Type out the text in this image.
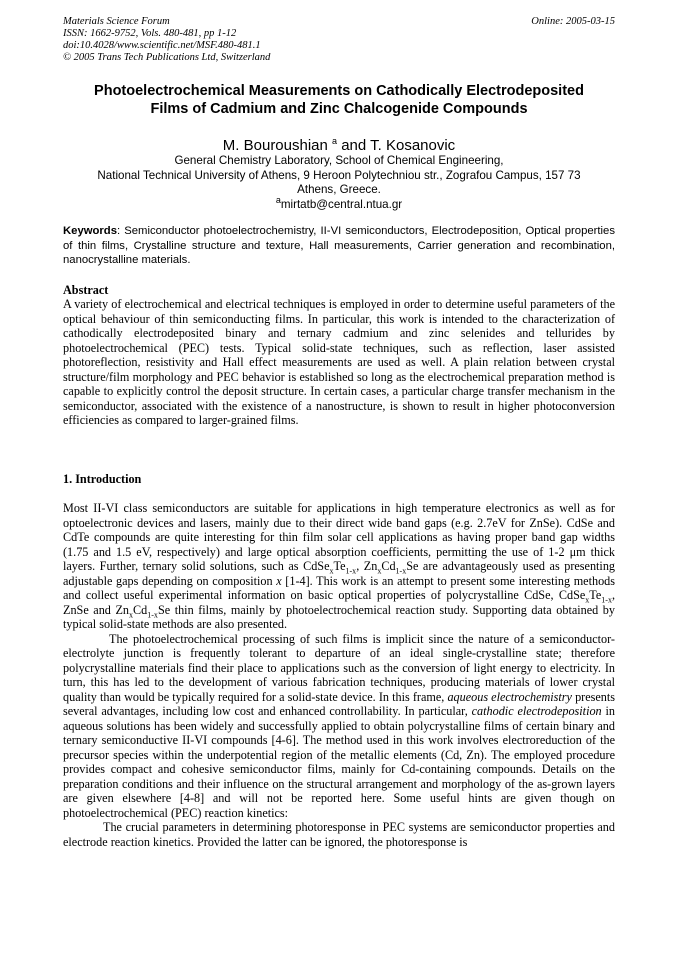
Materials Science Forum
ISSN: 1662-9752, Vols. 480-481, pp 1-12
doi:10.4028/www.scientific.net/MSF.480-481.1
© 2005 Trans Tech Publications Ltd, Switzerland
Online: 2005-03-15
Photoelectrochemical Measurements on Cathodically Electrodeposited
Films of Cadmium and Zinc Chalcogenide Compounds
M. Bouroushian $^a$ and T. Kosanovic
General Chemistry Laboratory, School of Chemical Engineering,
National Technical University of Athens, 9 Heroon Polytechniou str., Zografou Campus, 157 73
Athens, Greece.
$^a$mirtatb@central.ntua.gr
Keywords: Semiconductor photoelectrochemistry, II-VI semiconductors, Electrodeposition, Optical properties of thin films, Crystalline structure and texture, Hall measurements, Carrier generation and recombination, nanocrystalline materials.
Abstract

A variety of electrochemical and electrical techniques is employed in order to determine useful parameters of the optical behaviour of thin semiconducting films. In particular, this work is intended to the characterization of cathodically electrodeposited binary and ternary cadmium and zinc selenides and tellurides by photoelectrochemical (PEC) tests. Typical solid-state techniques, such as reflection, laser assisted photoreflection, resistivity and Hall effect measurements are used as well. A plain relation between crystal structure/film morphology and PEC behavior is established so long as the electrochemical preparation method is capable to explicitly control the deposit structure. In certain cases, a particular charge transfer mechanism in the semiconductor, associated with the existence of a nanostructure, is shown to result in higher photoconversion efficiencies as compared to larger-grained films.

1. Introduction

Most II-VI class semiconductors are suitable for applications in high temperature electronics as well as for optoelectronic devices and lasers, mainly due to their direct wide band gaps (e.g. 2.7eV for ZnSe). CdSe and CdTe compounds are quite interesting for thin film solar cell applications as having proper band gap widths (1.75 and 1.5 eV, respectively) and large optical absorption coefficients, permitting the use of 1-2 μm thick layers. Further, ternary solid solutions, such as $CdSe_xTe_{1-x}$, $Zn_xCd_{1-x}Se$ are advantageously used as presenting adjustable gaps depending on composition x [1-4]. This work is an attempt to present some interesting methods and collect useful experimental information on basic optical properties of polycrystalline CdSe, $CdSe_xTe_{1-x}$, ZnSe and $Zn_xCd_{1-x}Se$ thin films, mainly by photoelectrochemical reaction study. Supporting data obtained by typical solid-state methods are also presented.

The photoelectrochemical processing of such films is implicit since the nature of a semiconductor-electrolyte junction is frequently tolerant to departure of an ideal single-crystalline state; therefore polycrystalline materials find their place to applications such as the conversion of light energy to electricity. In turn, this has led to the development of various fabrication techniques, producing materials of lower crystal quality than would be typically required for a solid-state device. In this frame, aqueous electrochemistry presents several advantages, including low cost and enhanced controllability. In particular, cathodic electrodeposition in aqueous solutions has been widely and successfully applied to obtain polycrystalline films of certain binary and ternary semiconductive II-VI compounds [4-6]. The method used in this work involves electroreduction of the precursor species within the underpotential region of the metallic elements (Cd, Zn). The employed procedure provides compact and cohesive semiconductor films, mainly for Cd-containing compounds. Details on the preparation conditions and their influence on the structural arrangement and morphology of the as-grown layers are given elsewhere [4-8] and will not be reported here. Some useful hints are given though on photoelectrochemical (PEC) reaction kinetics:

The crucial parameters in determining photoresponse in PEC systems are semiconductor properties and electrode reaction kinetics. Provided the latter can be ignored, the photoresponse is
